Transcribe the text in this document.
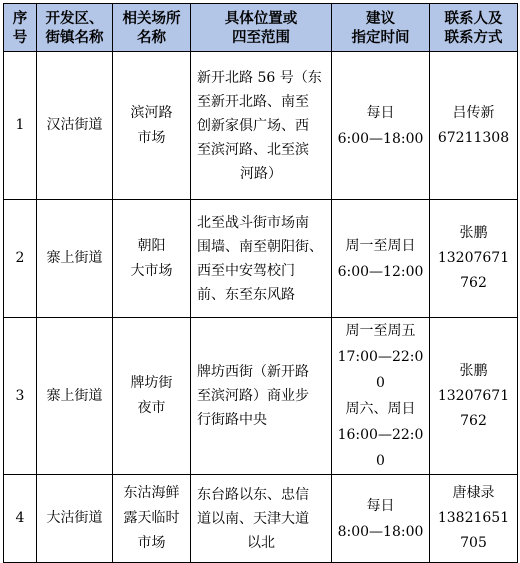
序
号	开发区、
街镇名称	相关场所
名称	具体位置或
四至范围	建议
指定时间	联系人及
联系方式

1	汉沽街道	滨河路
市场	新开北路 56 号（东
至新开北路、南至
创新家俱广场、西
至滨河路、北至滨
河路）	每日
6:00—18:00	吕传新
67211308

2	寨上街道	朝阳
大市场	北至战斗街市场南
围墙、南至朝阳街、
西至中安驾校门
前、东至东风路	周一至周日
6:00—12:00	张鹏
13207671
762

3	寨上街道	牌坊街
夜市	牌坊西街（新开路
至滨河路）商业步
行街路中央	周一至周五
17:00—22:00
周六、周日
16:00—22:00	张鹏
13207671
762

4	大沽街道	东沽海鲜
露天临时
市场	东台路以东、忠信
道以南、天津大道
以北	每日
8:00—18:00	唐棣录
13821651
705
